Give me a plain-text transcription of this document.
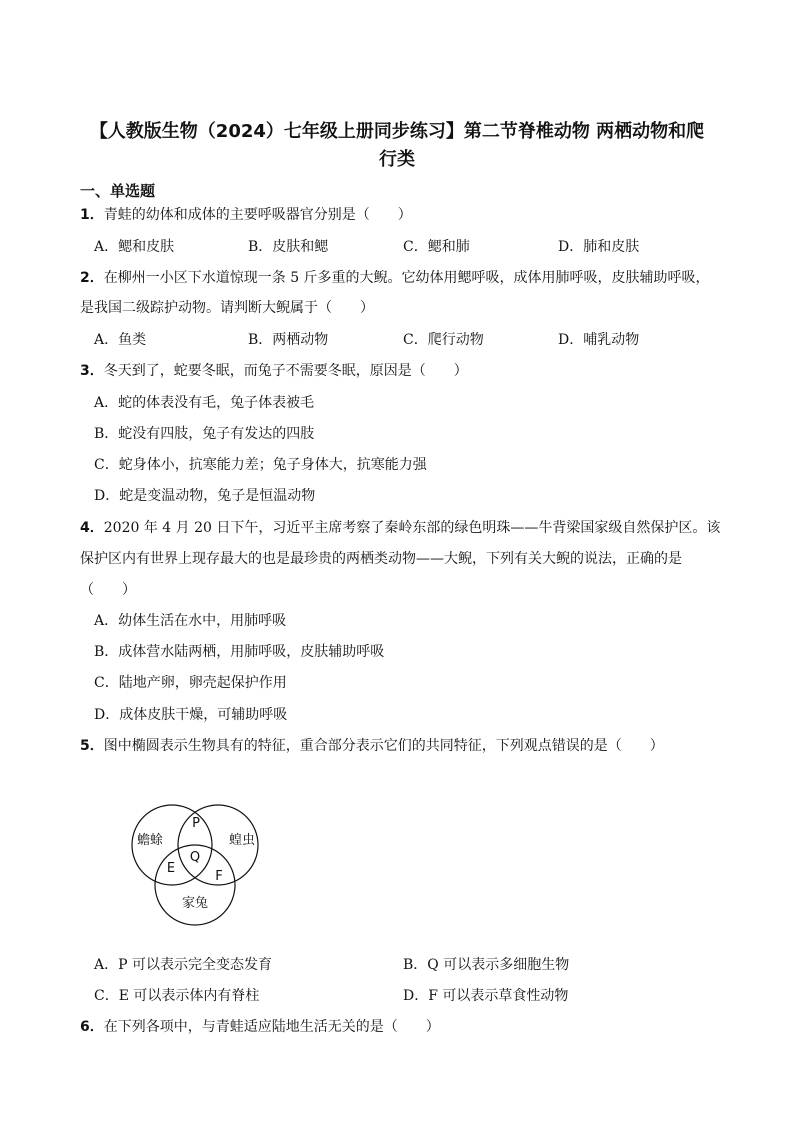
【人教版生物（2024）七年级上册同步练习】第二节脊椎动物 两栖动物和爬
行类
一、单选题
1．青蛙的幼体和成体的主要呼吸器官分别是（　　）
A．鳃和皮肤	B．皮肤和鳃	C．鳃和肺	D．肺和皮肤
2．在柳州一小区下水道惊现一条 5 斤多重的大鲵。它幼体用鳃呼吸，成体用肺呼吸，皮肤辅助呼吸，
是我国二级踪护动物。请判断大鲵属于（　　）
A．鱼类	B．两栖动物	C．爬行动物	D．哺乳动物
3．冬天到了，蛇要冬眠，而兔子不需要冬眠，原因是（　　）
A．蛇的体表没有毛，兔子体表被毛
B．蛇没有四肢，兔子有发达的四肢
C．蛇身体小，抗寒能力差；兔子身体大，抗寒能力强
D．蛇是变温动物，兔子是恒温动物
4．2020 年 4 月 20 日下午，习近平主席考察了秦岭东部的绿色明珠——牛背梁国家级自然保护区。该
保护区内有世界上现存最大的也是最珍贵的两栖类动物——大鲵，下列有关大鲵的说法，正确的是
（　　）
A．幼体生活在水中，用肺呼吸
B．成体营水陆两栖，用肺呼吸，皮肤辅助呼吸
C．陆地产卵，卵壳起保护作用
D．成体皮肤干燥，可辅助呼吸
5．图中椭圆表示生物具有的特征，重合部分表示它们的共同特征，下列观点错误的是（　　）
蟾蜍	蝗虫
家兔
P
Q
E
F
A．P 可以表示完全变态发育	B．Q 可以表示多细胞生物
C．E 可以表示体内有脊柱	D．F 可以表示草食性动物
6．在下列各项中，与青蛙适应陆地生活无关的是（　　）
